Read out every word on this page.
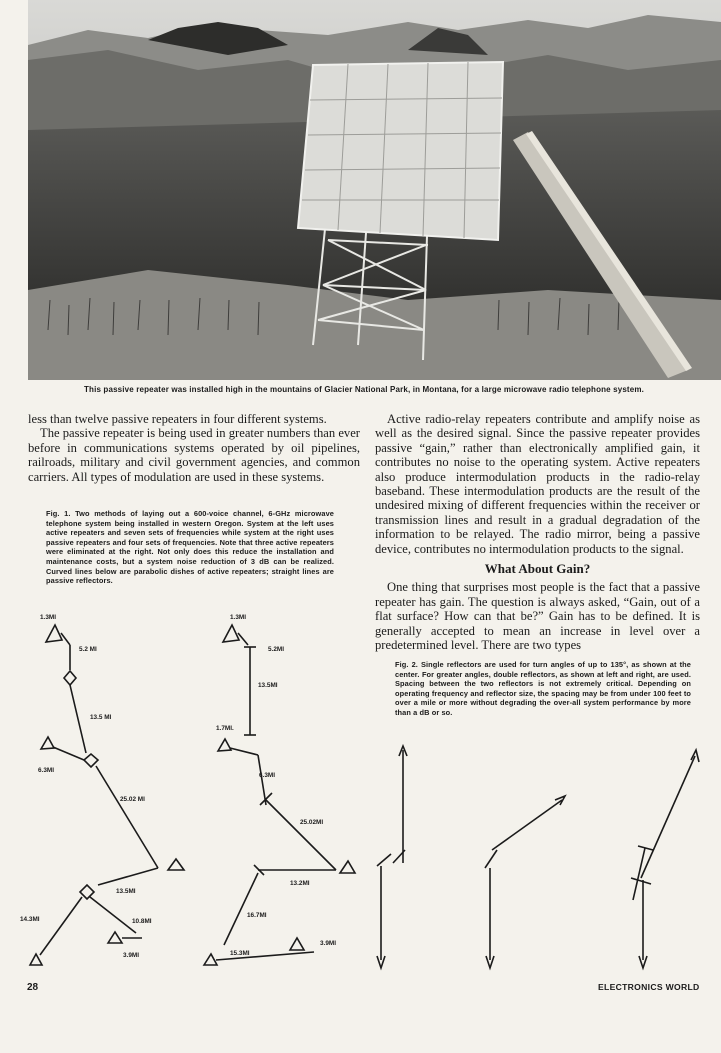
This passive repeater was installed high in the mountains of Glacier National Park, in Montana, for a large microwave radio telephone system.

less than twelve passive repeaters in four different systems.

The passive repeater is being used in greater numbers than ever before in communications systems operated by oil pipelines, railroads, military and civil government agencies, and common carriers. All types of modulation are used in these systems.

Fig. 1. Two methods of laying out a 600-voice channel, 6-GHz microwave telephone system being installed in western Oregon. System at the left uses active repeaters and seven sets of frequencies while system at the right uses passive repeaters and four sets of frequencies. Note that three active repeaters were eliminated at the right. Not only does this reduce the installation and maintenance costs, but a system noise reduction of 3 dB can be realized. Curved lines below are parabolic dishes of active repeaters; straight lines are passive reflectors.
1.3MI
5.2 MI
13.5 MI
6.3MI
25.02 MI
13.5MI
14.3MI	10.8MI
3.9MI
1.3MI
5.2MI
13.5MI
1.7MI.
6.3MI
25.02MI
13.2MI
16.7MI
15.3MI
3.9MI

Active radio-relay repeaters contribute and amplify noise as well as the desired signal. Since the passive repeater provides passive “gain,” rather than electronically amplified gain, it contributes no noise to the operating system. Active repeaters also produce intermodulation products in the radio-relay baseband. These intermodulation products are the result of the undesired mixing of different frequencies within the receiver or transmission lines and result in a gradual degradation of the information to be relayed. The radio mirror, being a passive device, contributes no intermodulation products to the signal.

What About Gain?

One thing that surprises most people is the fact that a passive repeater has gain. The question is always asked, “Gain, out of a flat surface? How can that be?” Gain has to be defined. It is generally accepted to mean an increase in level over a predetermined level. There are two types

Fig. 2. Single reflectors are used for turn angles of up to 135°, as shown at the center. For greater angles, double reflectors, as shown at left and right, are used. Spacing between the two reflectors is not extremely critical. Depending on operating frequency and reflector size, the spacing may be from under 100 feet to over a mile or more without degrading the over-all system performance by more than a dB or so.
28	ELECTRONICS WORLD
